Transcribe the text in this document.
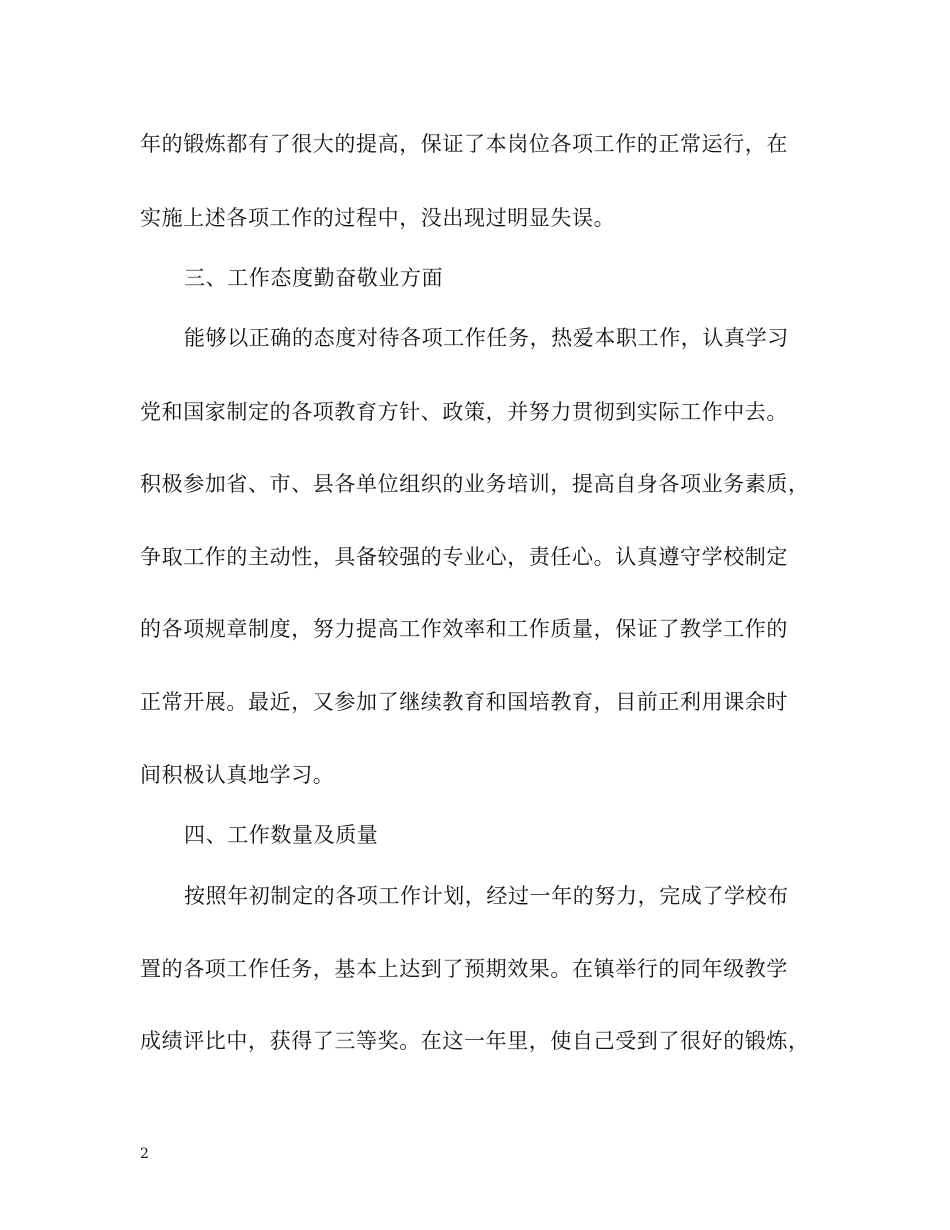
年的锻炼都有了很大的提高，保证了本岗位各项工作的正常运行，在
实施上述各项工作的过程中，没出现过明显失误。
三、工作态度勤奋敬业方面
能够以正确的态度对待各项工作任务，热爱本职工作，认真学习
党和国家制定的各项教育方针、政策，并努力贯彻到实际工作中去。
积极参加省、市、县各单位组织的业务培训，提高自身各项业务素质，
争取工作的主动性，具备较强的专业心，责任心。认真遵守学校制定
的各项规章制度，努力提高工作效率和工作质量，保证了教学工作的
正常开展。最近，又参加了继续教育和国培教育，目前正利用课余时
间积极认真地学习。
四、工作数量及质量
按照年初制定的各项工作计划，经过一年的努力，完成了学校布
置的各项工作任务，基本上达到了预期效果。在镇举行的同年级教学
成绩评比中，获得了三等奖。在这一年里，使自己受到了很好的锻炼，
2
